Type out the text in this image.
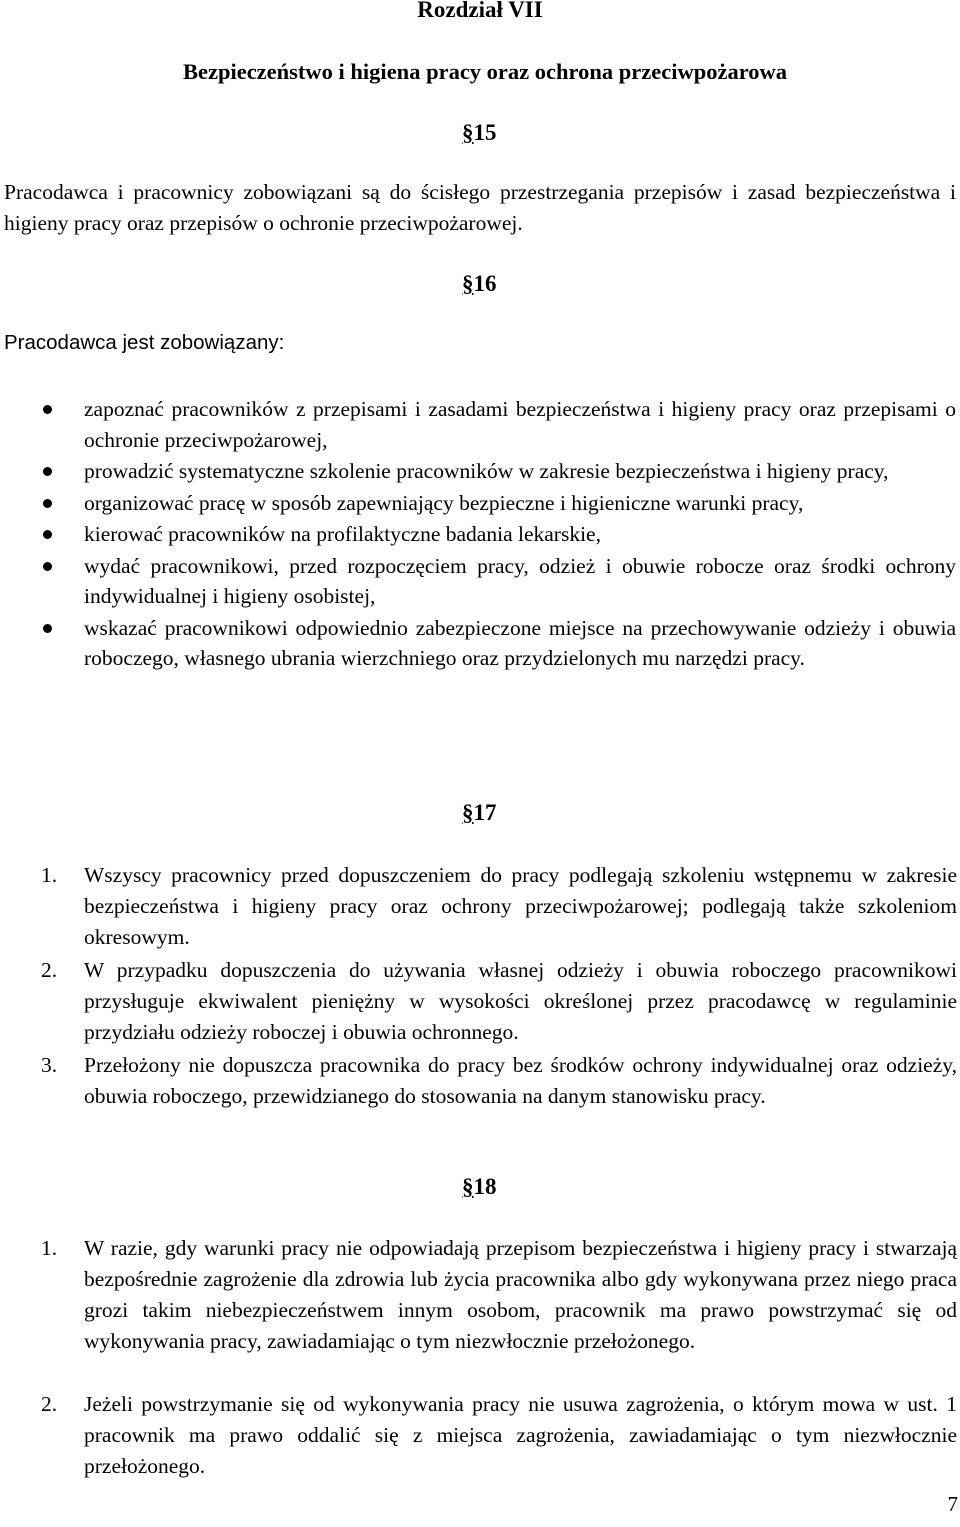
Rozdział VII
Bezpieczeństwo i higiena pracy oraz ochrona przeciwpożarowa
§15

Pracodawca i pracownicy zobowiązani są do ścisłego przestrzegania przepisów i zasad bezpieczeństwa i higieny pracy oraz przepisów o ochronie przeciwpożarowej.

§16

Pracodawca jest zobowiązany:

zapoznać pracowników z przepisami i zasadami bezpieczeństwa i higieny pracy oraz przepisami o ochronie przeciwpożarowej,
prowadzić systematyczne szkolenie pracowników w zakresie bezpieczeństwa i higieny pracy,
organizować pracę w sposób zapewniający bezpieczne i higieniczne warunki pracy,
kierować pracowników na profilaktyczne badania lekarskie,
wydać pracownikowi, przed rozpoczęciem pracy, odzież i obuwie robocze oraz środki ochrony indywidualnej i higieny osobistej,
wskazać pracownikowi odpowiednio zabezpieczone miejsce na przechowywanie odzieży i obuwia roboczego, własnego ubrania wierzchniego oraz przydzielonych mu narzędzi pracy.
§17
1. Wszyscy pracownicy przed dopuszczeniem do pracy podlegają szkoleniu wstępnemu w zakresie bezpieczeństwa i higieny pracy oraz ochrony przeciwpożarowej; podlegają także szkoleniom okresowym.

2. W przypadku dopuszczenia do używania własnej odzieży i obuwia roboczego pracownikowi przysługuje ekwiwalent pieniężny w wysokości określonej przez pracodawcę w regulaminie przydziału odzieży roboczej i obuwia ochronnego.

3. Przełożony nie dopuszcza pracownika do pracy bez środków ochrony indywidualnej oraz odzieży, obuwia roboczego, przewidzianego do stosowania na danym stanowisku pracy.

§18
1. W razie, gdy warunki pracy nie odpowiadają przepisom bezpieczeństwa i higieny pracy i stwarzają bezpośrednie zagrożenie dla zdrowia lub życia pracownika albo gdy wykonywana przez niego praca grozi takim niebezpieczeństwem innym osobom, pracownik ma prawo powstrzymać się od wykonywania pracy, zawiadamiając o tym niezwłocznie przełożonego.

2. Jeżeli powstrzymanie się od wykonywania pracy nie usuwa zagrożenia, o którym mowa w ust. 1 pracownik ma prawo oddalić się z miejsca zagrożenia, zawiadamiając o tym niezwłocznie przełożonego.

7
